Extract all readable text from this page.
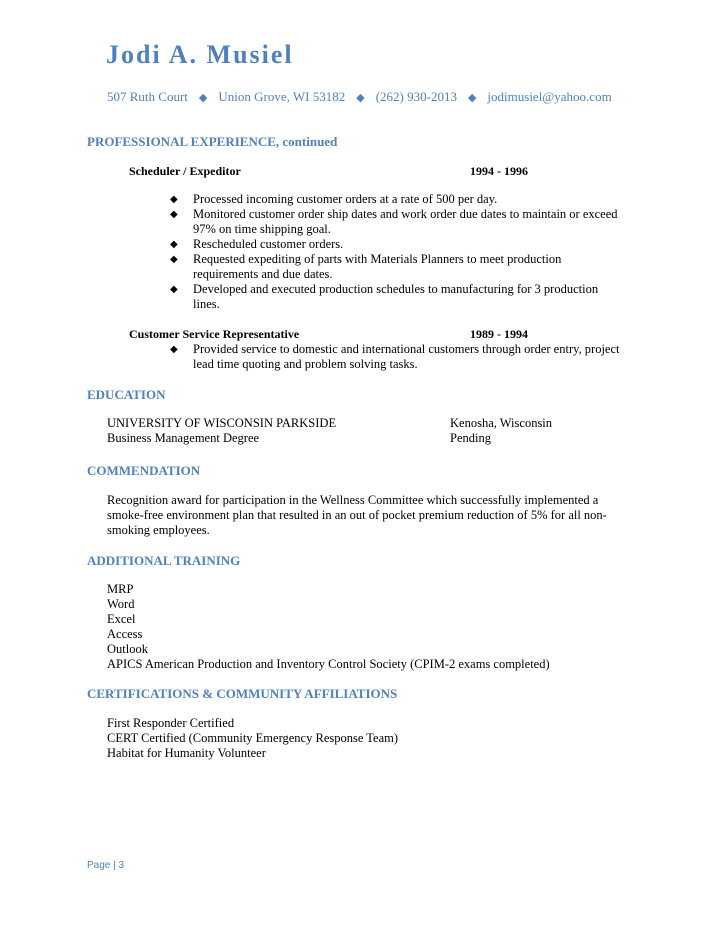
Jodi A. Musiel
507 Ruth Court ◆ Union Grove, WI 53182 ◆ (262) 930-2013 ◆ jodimusiel@yahoo.com
PROFESSIONAL EXPERIENCE, continued
Scheduler / Expeditor	1994 - 1996
◆ Processed incoming customer orders at a rate of 500 per day.
◆ Monitored customer order ship dates and work order due dates to maintain or exceed
97% on time shipping goal.
◆ Rescheduled customer orders.
◆ Requested expediting of parts with Materials Planners to meet production
requirements and due dates.
◆ Developed and executed production schedules to manufacturing for 3 production
lines.
Customer Service Representative	1989 - 1994
◆ Provided service to domestic and international customers through order entry, project
lead time quoting and problem solving tasks.
EDUCATION
UNIVERSITY OF WISCONSIN PARKSIDE
Business Management Degree
Kenosha, Wisconsin
Pending
COMMENDATION
Recognition award for participation in the Wellness Committee which successfully implemented a
smoke-free environment plan that resulted in an out of pocket premium reduction of 5% for all non-
smoking employees.
ADDITIONAL TRAINING
MRP
Word
Excel
Access
Outlook
APICS American Production and Inventory Control Society (CPIM-2 exams completed)
CERTIFICATIONS & COMMUNITY AFFILIATIONS
First Responder Certified
CERT Certified (Community Emergency Response Team)
Habitat for Humanity Volunteer
Page | 3
